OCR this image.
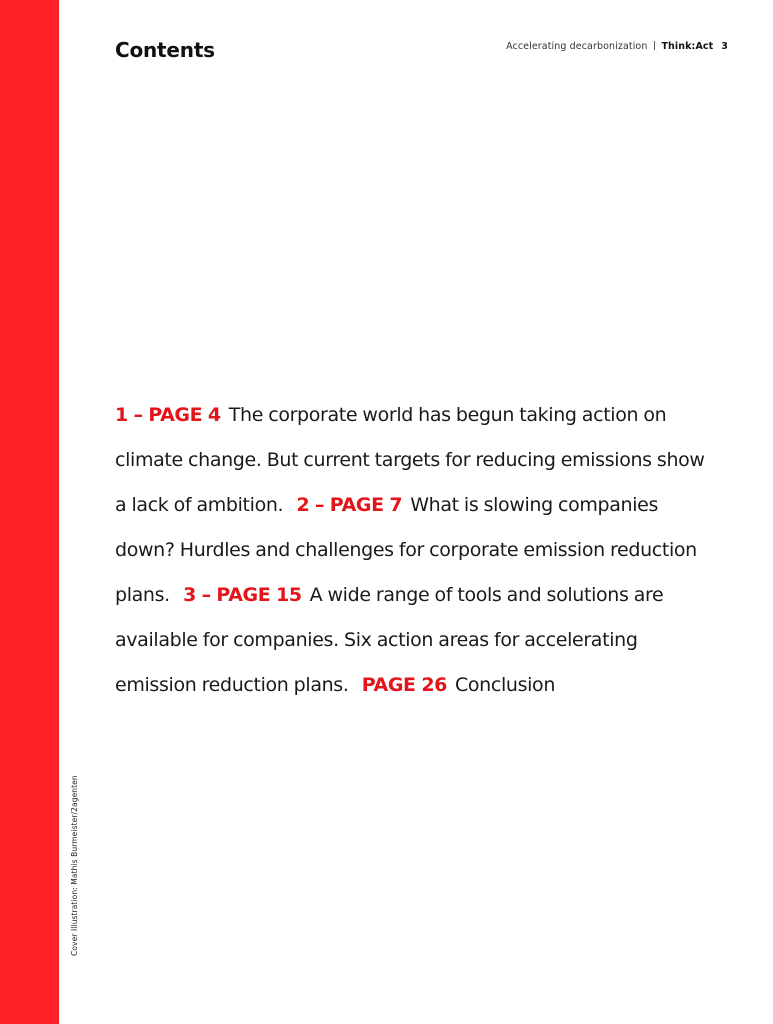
Contents	Accelerating decarbonization Think:Act 3
Cover Illustration: Mathis Burmeister/2agenten

1 – PAGE 4 The corporate world has begun taking action on climate change. But current targets for reducing emissions show a lack of ambition. 2 – PAGE 7 What is slowing companies down? Hurdles and challenges for corporate emission reduction plans. 3 – PAGE 15 A wide range of tools and solutions are available for companies. Six action areas for accelerating emission reduction plans. PAGE 26 Conclusion
